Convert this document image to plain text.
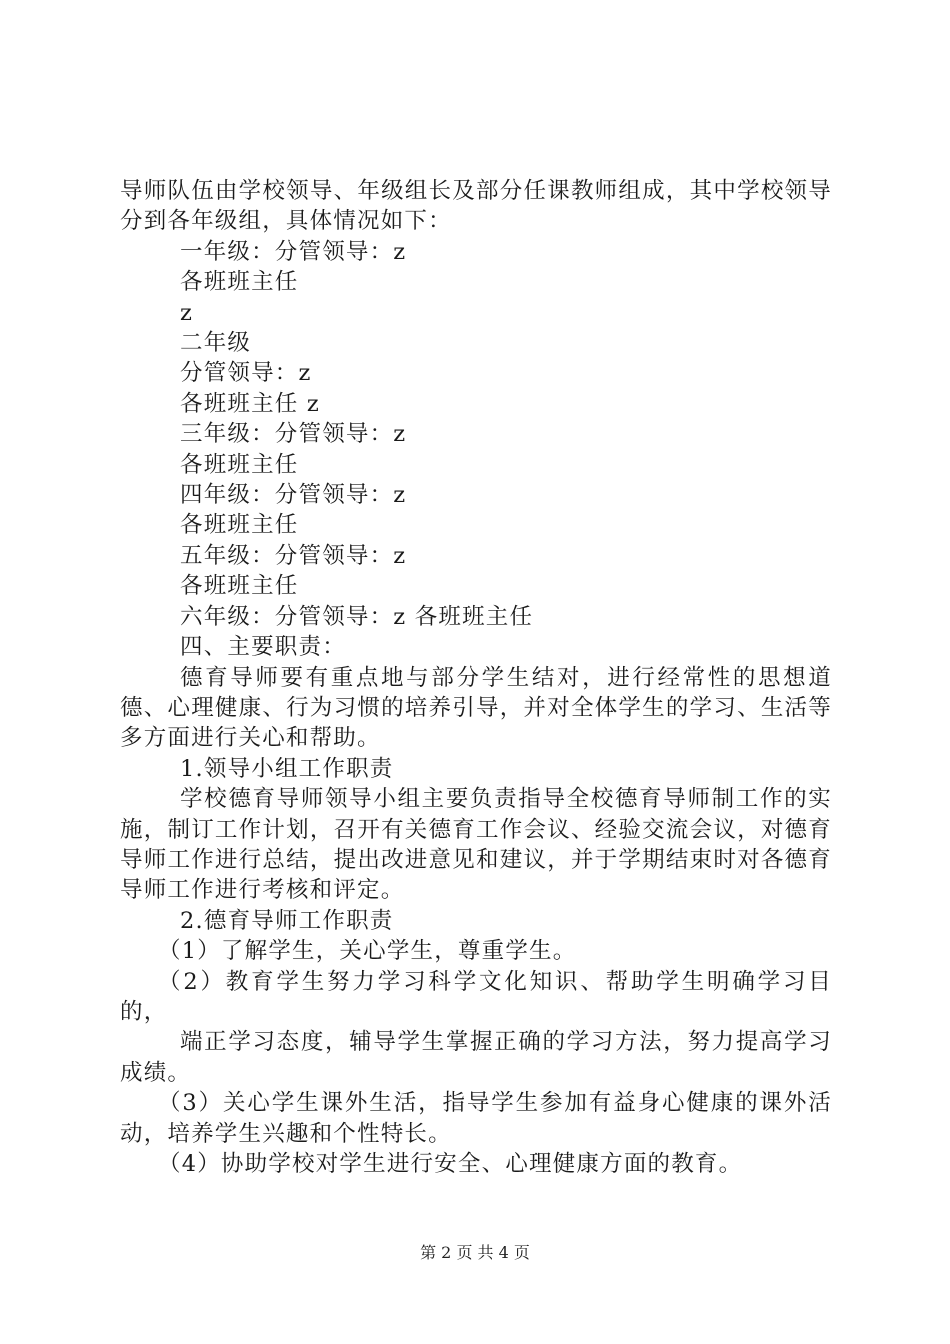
导师队伍由学校领导、年级组长及部分任课教师组成，其中学校领导分到各年级组，具体情况如下：

一年级：分管领导：z

各班班主任

z

二年级

分管领导：z

各班班主任 z

三年级：分管领导：z

各班班主任

四年级：分管领导：z

各班班主任

五年级：分管领导：z

各班班主任

六年级：分管领导：z 各班班主任

四、主要职责：

德育导师要有重点地与部分学生结对，进行经常性的思想道德、心理健康、行为习惯的培养引导，并对全体学生的学习、生活等多方面进行关心和帮助。

1.领导小组工作职责

学校德育导师领导小组主要负责指导全校德育导师制工作的实施，制订工作计划，召开有关德育工作会议、经验交流会议，对德育导师工作进行总结，提出改进意见和建议，并于学期结束时对各德育导师工作进行考核和评定。

2.德育导师工作职责

（1）了解学生，关心学生，尊重学生。

（2）教育学生努力学习科学文化知识、帮助学生明确学习目的，

端正学习态度，辅导学生掌握正确的学习方法，努力提高学习成绩。

（3）关心学生课外生活，指导学生参加有益身心健康的课外活动，培养学生兴趣和个性特长。

（4）协助学校对学生进行安全、心理健康方面的教育。

第 2 页 共 4 页
